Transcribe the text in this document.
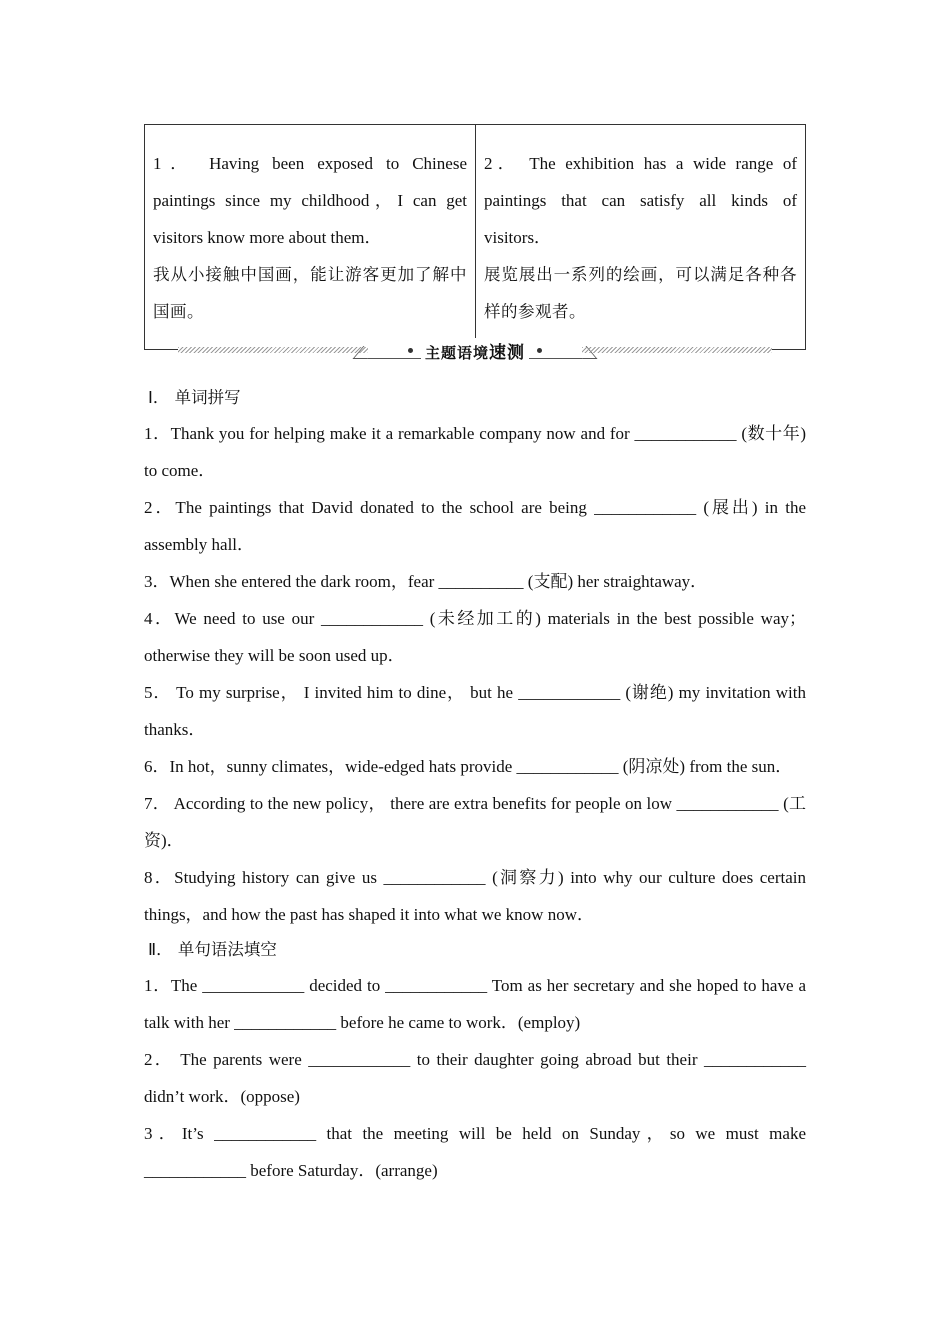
1． Having been exposed to Chinese paintings since my childhood，I can get visitors know more about them．
我从小接触中国画，能让游客更加了解中国画。
2． The exhibition has a wide range of paintings that can satisfy all kinds of visitors．
展览展出一系列的绘画，可以满足各种各样的参观者。
主题语境速测
Ⅰ． 单词拼写
1．Thank you for helping make it a remarkable company now and for ____________ (数十年) to come．
2．The paintings that David donated to the school are being ____________ (展出) in the assembly hall．
3．When she entered the dark room，fear __________ (支配) her straightaway．
4．We need to use our ____________ (未经加工的) materials in the best possible way；otherwise they will be soon used up．
5． To my surprise， I invited him to dine， but he ____________ (谢绝) my invitation with thanks．
6．In hot，sunny climates，wide-edged hats provide ____________ (阴凉处) from the sun．
7． According to the new policy， there are extra benefits for people on low ____________ (工资)．
8．Studying history can give us ____________ (洞察力) into why our culture does certain things，and how the past has shaped it into what we know now．
Ⅱ． 单句语法填空
1．The ____________ decided to ____________ Tom as her secretary and she hoped to have a talk with her ____________ before he came to work．(employ)
2． The parents were ____________ to their daughter going abroad but their ____________ didn’t work．(oppose)
3．It’s ____________ that the meeting will be held on Sunday，so we must make ____________ before Saturday．(arrange)
